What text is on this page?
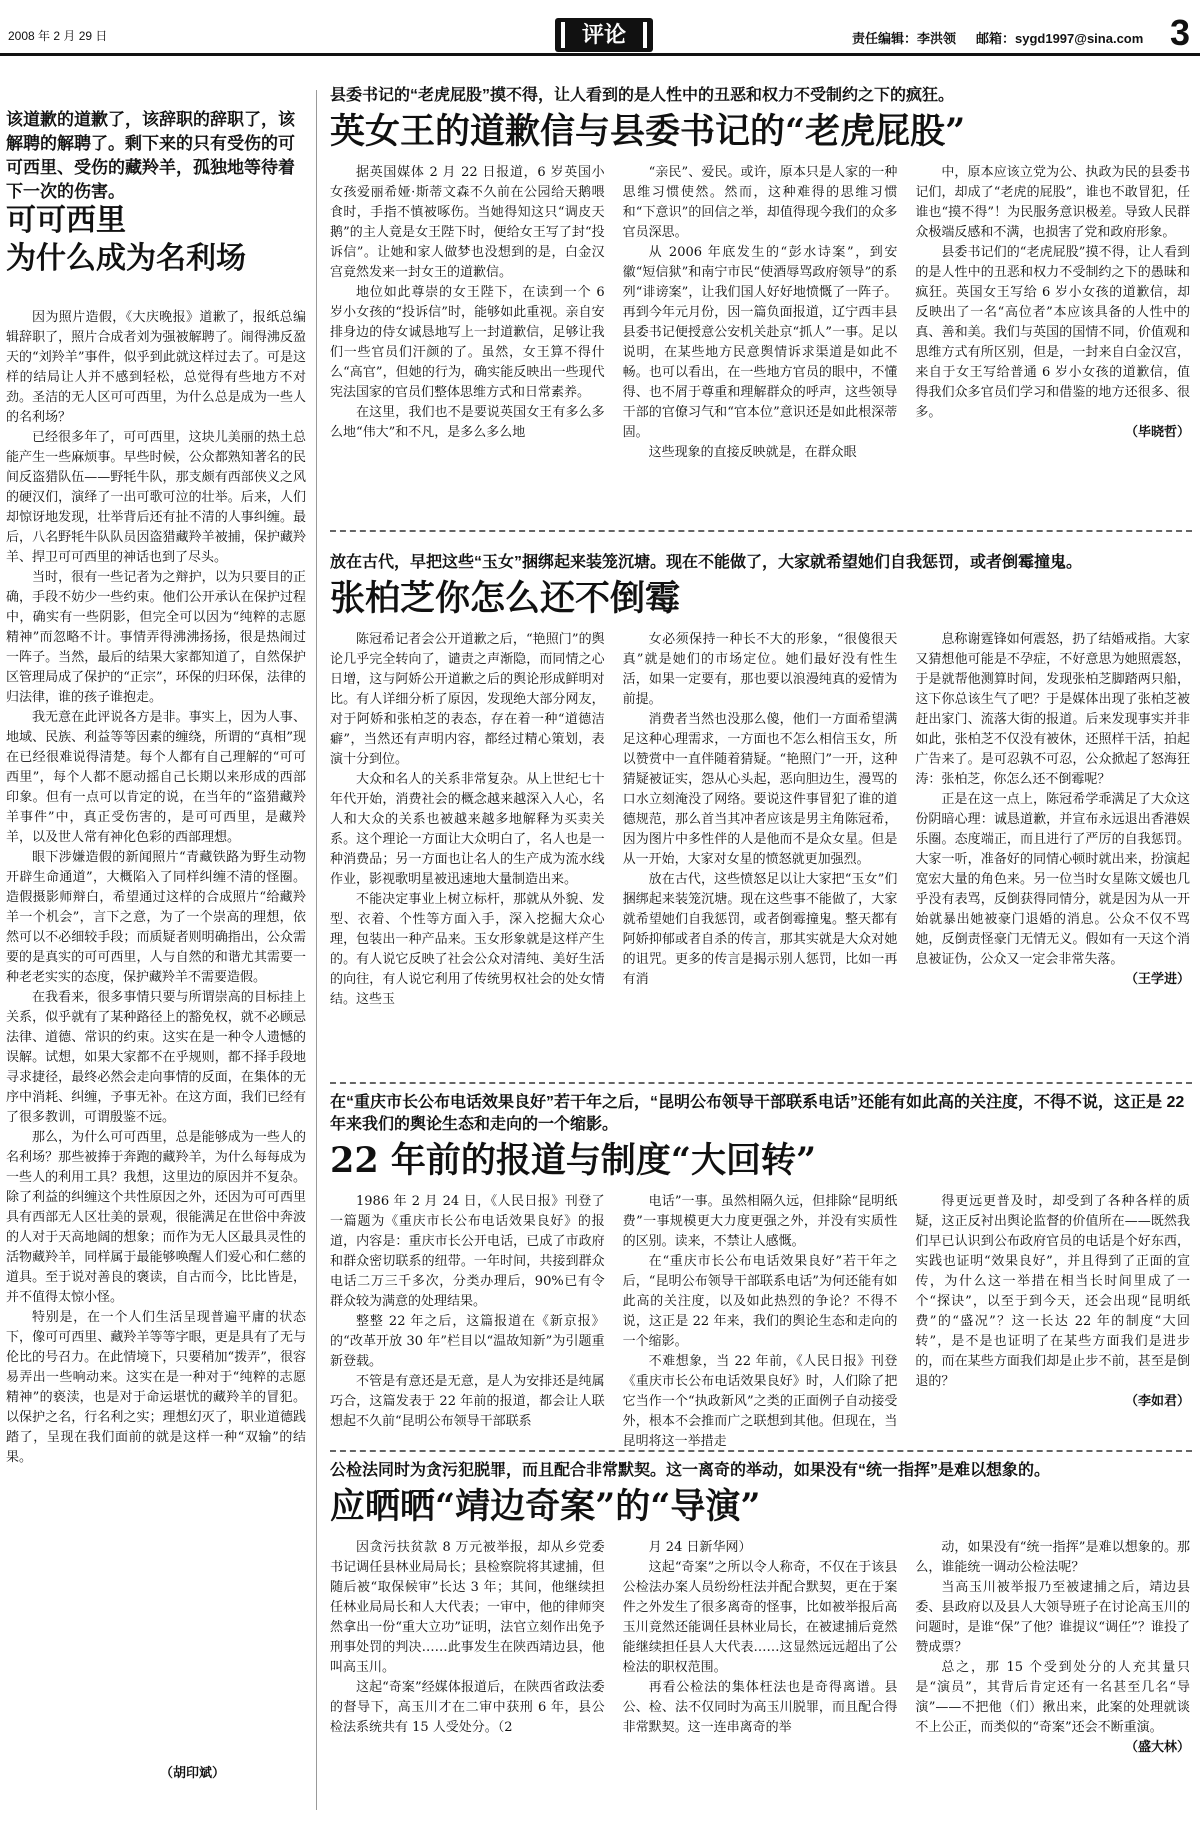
2008 年 2 月 29 日	评论	责任编辑：李洪领 邮箱：sygd1997@sina.com 3
该道歉的道歉了，该辞职的辞职了，该解聘的解聘了。剩下来的只有受伤的可可西里、受伤的藏羚羊，孤独地等待着下一次的伤害。
可可西里
为什么成为名利场

因为照片造假，《大庆晚报》道歉了，报纸总编辑辞职了，照片合成者刘为强被解聘了。闹得沸反盈天的“刘羚羊”事件，似乎到此就这样过去了。可是这样的结局让人并不感到轻松，总觉得有些地方不对劲。圣洁的无人区可可西里，为什么总是成为一些人的名利场？

已经很多年了，可可西里，这块儿美丽的热土总能产生一些麻烦事。早些时候，公众都熟知著名的民间反盗猎队伍——野牦牛队，那支颇有西部侠义之风的硬汉们，演绎了一出可歌可泣的壮举。后来，人们却惊讶地发现，壮举背后还有扯不清的人事纠缠。最后，八名野牦牛队队员因盗猎藏羚羊被捕，保护藏羚羊、捍卫可可西里的神话也到了尽头。

当时，很有一些记者为之辩护，以为只要目的正确，手段不妨少一些约束。他们公开承认在保护过程中，确实有一些阴影，但完全可以因为“纯粹的志愿精神”而忽略不计。事情弄得沸沸扬扬，很是热闹过一阵子。当然，最后的结果大家都知道了，自然保护区管理局成了保护的“正宗”，环保的归环保，法律的归法律，谁的孩子谁抱走。

我无意在此评说各方是非。事实上，因为人事、地域、民族、利益等等因素的缠绕，所谓的“真相”现在已经很难说得清楚。每个人都有自己理解的“可可西里”，每个人都不愿动摇自己长期以来形成的西部印象。但有一点可以肯定的说，在当年的“盗猎藏羚羊事件”中，真正受伤害的，是可可西里，是藏羚羊，以及世人常有神化色彩的西部理想。

眼下涉嫌造假的新闻照片“青藏铁路为野生动物开辟生命通道”，大概陷入了同样纠缠不清的怪圈。造假摄影师辩白，希望通过这样的合成照片“给藏羚羊一个机会”，言下之意，为了一个崇高的理想，依然可以不必细较手段；而质疑者则明确指出，公众需要的是真实的可可西里，人与自然的和谐尤其需要一种老老实实的态度，保护藏羚羊不需要造假。

在我看来，很多事情只要与所谓崇高的目标挂上关系，似乎就有了某种路径上的豁免权，就不必顾忌法律、道德、常识的约束。这实在是一种令人遗憾的误解。试想，如果大家都不在乎规则，都不择手段地寻求捷径，最终必然会走向事情的反面，在集体的无序中消耗、纠缠，予事无补。在这方面，我们已经有了很多教训，可谓殷鉴不远。

那么，为什么可可西里，总是能够成为一些人的名利场？那些被捧于奔跑的藏羚羊，为什么每每成为一些人的利用工具？我想，这里边的原因并不复杂。除了利益的纠缠这个共性原因之外，还因为可可西里具有西部无人区壮美的景观，很能满足在世俗中奔波的人对于天高地阔的想象；而作为无人区最具灵性的活物藏羚羊，同样属于最能够唤醒人们爱心和仁慈的道具。至于说对善良的褒读，自古而今，比比皆是，并不值得太惊小怪。

特别是，在一个人们生活呈现普遍平庸的状态下，像可可西里、藏羚羊等等字眼，更是具有了无与伦比的号召力。在此情境下，只要稍加“拨弄”，很容易弄出一些响动来。这实在是一种对于“纯粹的志愿精神”的亵渎，也是对于命运堪忧的藏羚羊的冒犯。以保护之名，行名利之实；理想幻灭了，职业道德践踏了，呈现在我们面前的就是这样一种“双输”的结果。

（胡印斌）
县委书记的“老虎屁股”摸不得，让人看到的是人性中的丑恶和权力不受制约之下的疯狂。
英女王的道歉信与县委书记的“老虎屁股”

据英国媒体 2 月 22 日报道，6 岁英国小女孩爱丽希娅·斯蒂文森不久前在公园给天鹅喂食时，手指不慎被啄伤。当她得知这只“调皮天鹅”的主人竟是女王陛下时，便给女王写了封“投诉信”。让她和家人做梦也没想到的是，白金汉宫竟然发来一封女王的道歉信。

地位如此尊崇的女王陛下，在读到一个 6 岁小女孩的“投诉信”时，能够如此重视。亲自安排身边的侍女诚恳地写上一封道歉信，足够让我们一些官员们汗颜的了。虽然，女王算不得什么“高官”，但她的行为，确实能反映出一些现代宪法国家的官员们整体思维方式和日常素养。

在这里，我们也不是要说英国女王有多么多么地“伟大”和不凡，是多么多么地

“亲民”、爱民。或许，原本只是人家的一种思维习惯使然。然而，这种难得的思维习惯和“下意识”的回信之举，却值得现今我们的众多官员深思。

从 2006 年底发生的“彭水诗案”，到安徽“短信狱”和南宁市民“使酒辱骂政府领导”的系列“诽谤案”，让我们国人好好地愤慨了一阵子。再到今年元月份，因一篇负面报道，辽宁西丰县县委书记便授意公安机关赴京“抓人”一事。足以说明，在某些地方民意舆情诉求渠道是如此不畅。也可以看出，在一些地方官员的眼中，不懂得、也不屑于尊重和理解群众的呼声，这些领导干部的官僚习气和“官本位”意识还是如此根深蒂固。

这些现象的直接反映就是，在群众眼

中，原本应该立党为公、执政为民的县委书记们，却成了“老虎的屁股”，谁也不敢冒犯，任谁也“摸不得”！为民服务意识极差。导致人民群众极端反感和不满，也损害了党和政府形象。

县委书记们的“老虎屁股”摸不得，让人看到的是人性中的丑恶和权力不受制约之下的愚昧和疯狂。英国女王写给 6 岁小女孩的道歉信，却反映出了一名“高位者”本应该具备的人性中的真、善和美。我们与英国的国情不同，价值观和思维方式有所区别，但是，一封来自白金汉宫，来自于女王写给普通 6 岁小女孩的道歉信，值得我们众多官员们学习和借鉴的地方还很多、很多。

（毕晓哲）
放在古代，早把这些“玉女”捆绑起来装笼沉塘。现在不能做了，大家就希望她们自我惩罚，或者倒霉撞鬼。
张柏芝你怎么还不倒霉

陈冠希记者会公开道歉之后，“艳照门”的舆论几乎完全转向了，谴责之声渐隐，而同情之心日增，这与阿娇公开道歉之后的舆论形成鲜明对比。有人详细分析了原因，发现绝大部分网友，对于阿娇和张柏芝的表态，存在着一种“道德洁癖”，当然还有声明内容，都经过精心策划，表演十分到位。

大众和名人的关系非常复杂。从上世纪七十年代开始，消费社会的概念越来越深入人心，名人和大众的关系也被越来越多地解释为买卖关系。这个理论一方面让大众明白了，名人也是一种消费品；另一方面也让名人的生产成为流水线作业，影视歌明星被迅速地大量制造出来。

不能决定事业上树立标杆，那就从外貌、发型、衣着、个性等方面入手，深入挖掘大众心理，包装出一种产品来。玉女形象就是这样产生的。有人说它反映了社会公众对清纯、美好生活的向往，有人说它利用了传统男权社会的处女情结。这些玉

女必须保持一种长不大的形象，“很傻很天真”就是她们的市场定位。她们最好没有性生活，如果一定要有，那也要以浪漫纯真的爱情为前提。

消费者当然也没那么傻，他们一方面希望满足这种心理需求，一方面也不怎么相信玉女，所以赞赏中一直伴随着猜疑。“艳照门”一开，这种猜疑被证实，怨从心头起，恶向胆边生，漫骂的口水立刻淹没了网络。要说这件事冒犯了谁的道德规范，那么首当其冲者应该是男主角陈冠希，因为图片中多性伴的人是他而不是众女星。但是从一开始，大家对女星的愤怒就更加强烈。

放在古代，这些愤怒足以让大家把“玉女”们捆绑起来装笼沉塘。现在这些事不能做了，大家就希望她们自我惩罚，或者倒霉撞鬼。整天都有阿娇抑郁或者自杀的传言，那其实就是大众对她的诅咒。更多的传言是揭示别人惩罚，比如一再有消

息称谢霆锋如何震怒，扔了结婚戒指。大家又猜想他可能是不孕症，不好意思为她照震怒，于是就帮他测算时间，发现张柏芝脚踏两只船，这下你总该生气了吧？于是媒体出现了张柏芝被赶出家门、流落大街的报道。后来发现事实并非如此，张柏芝不仅没有被休，还照样干活，拍起广告来了。是可忍孰不可忍，公众掀起了怒海狂涛：张柏芝，你怎么还不倒霉呢？

正是在这一点上，陈冠希学乖满足了大众这份阴暗心理：诚恳道歉，并宣布永远退出香港娱乐圈。态度端正，而且进行了严厉的自我惩罚。大家一听，准备好的同情心顿时就出来，扮演起宽宏大量的角色来。另一位当时女星陈文媛也几乎没有表骂，反倒获得同情分，就是因为从一开始就暴出她被豪门退婚的消息。公众不仅不骂她，反倒责怪豪门无情无义。假如有一天这个消息被证伪，公众又一定会非常失落。

（王学进）
在“重庆市长公布电话效果良好”若干年之后，“昆明公布领导干部联系电话”还能有如此高的关注度，不得不说，这正是 22 年来我们的舆论生态和走向的一个缩影。
22 年前的报道与制度“大回转”

1986 年 2 月 24 日，《人民日报》刊登了一篇题为《重庆市长公布电话效果良好》的报道，内容是：重庆市长公开电话，已成了市政府和群众密切联系的纽带。一年时间，共接到群众电话二万三千多次，分类办理后，90%已有令群众较为满意的处理结果。

整整 22 年之后，这篇报道在《新京报》的“改革开放 30 年”栏目以“温故知新”为引题重新登载。

不管是有意还是无意，是人为安排还是纯属巧合，这篇发表于 22 年前的报道，都会让人联想起不久前“昆明公布领导干部联系

电话”一事。虽然相隔久远，但排除“昆明纸费”一事规模更大力度更强之外，并没有实质性的区别。读来，不禁让人感慨。

在“重庆市长公布电话效果良好”若干年之后，“昆明公布领导干部联系电话”为何还能有如此高的关注度，以及如此热烈的争论？不得不说，这正是 22 年来，我们的舆论生态和走向的一个缩影。

不难想象，当 22 年前，《人民日报》刊登《重庆市长公布电话效果良好》时，人们除了把它当作一个“执政新风”之类的正面例子自动接受外，根本不会推而广之联想到其他。但现在，当昆明将这一举措走

得更远更普及时，却受到了各种各样的质疑，这正反衬出舆论监督的价值所在——既然我们早已认识到公布政府官员的电话是个好东西，实践也证明“效果良好”，并且得到了正面的宣传，为什么这一举措在相当长时间里成了一个“探诀”，以至于到今天，还会出现“昆明纸费”的“盛况”？这一长达 22 年的制度“大回转”，是不是也证明了在某些方面我们是进步的，而在某些方面我们却是止步不前，甚至是倒退的？

（李如君）
公检法同时为贪污犯脱罪，而且配合非常默契。这一离奇的举动，如果没有“统一指挥”是难以想象的。
应晒晒“靖边奇案”的“导演”

因贪污扶贫款 8 万元被举报，却从乡党委书记调任县林业局局长；县检察院将其逮捕，但随后被“取保候审”长达 3 年；其间，他继续担任林业局局长和人大代表；一审中，他的律师突然拿出一份“重大立功”证明，法官立刻作出免予刑事处罚的判决……此事发生在陕西靖边县，他叫高玉川。

这起“奇案”经媒体报道后，在陕西省政法委的督导下，高玉川才在二审中获刑 6 年，县公检法系统共有 15 人受处分。（2

月 24 日新华网）

这起“奇案”之所以令人称奇，不仅在于该县公检法办案人员纷纷枉法并配合默契，更在于案件之外发生了很多离奇的怪事，比如被举报后高玉川竟然还能调任县林业局长，在被逮捕后竟然能继续担任县人大代表……这显然远远超出了公检法的职权范围。

再看公检法的集体枉法也是奇得离谱。县公、检、法不仅同时为高玉川脱罪，而且配合得非常默契。这一连串离奇的举

动，如果没有“统一指挥”是难以想象的。那么，谁能统一调动公检法呢？

当高玉川被举报乃至被逮捕之后，靖边县委、县政府以及县人大领导班子在讨论高玉川的问题时，是谁“保”了他？谁提议“调任”？谁投了赞成票？

总之，那 15 个受到处分的人充其量只是“演员”，其背后肯定还有一名甚至几名“导演”——不把他（们）揪出来，此案的处理就谈不上公正，而类似的“奇案”还会不断重演。

（盛大林）
